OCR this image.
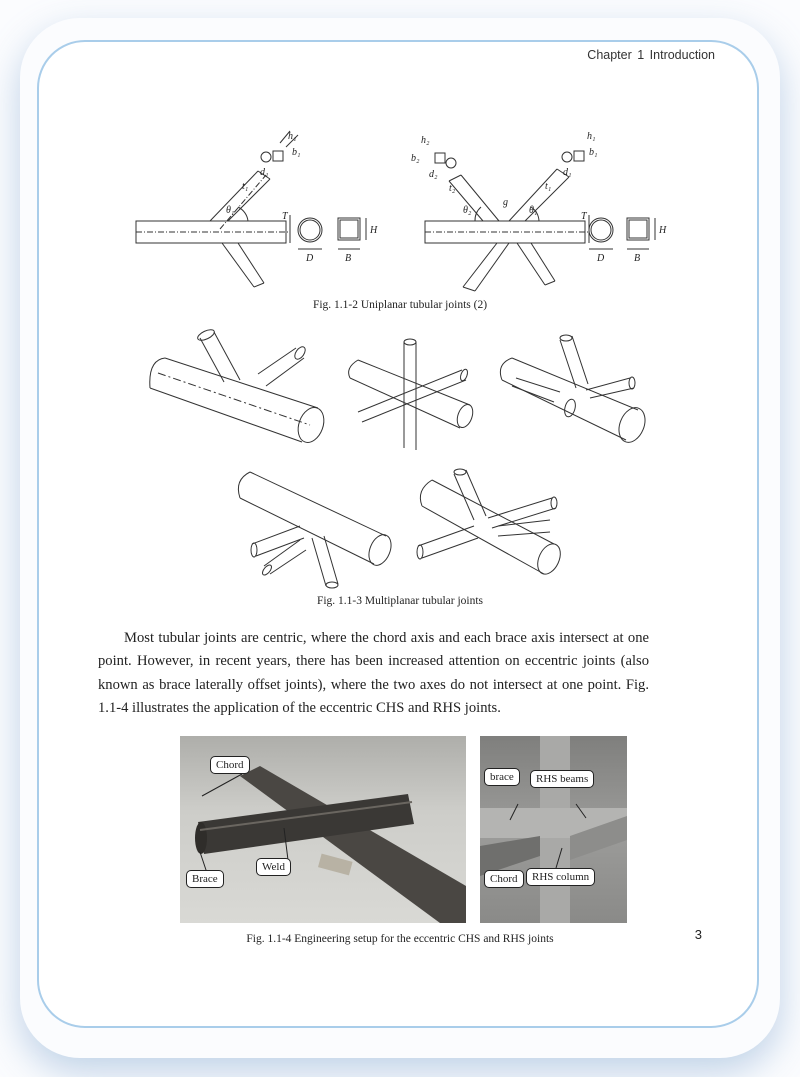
Chapter 1 Introduction
D	B
H
T
θ₁
t₁
d₁
b₁
h₁
D	B
H
T
g
θ₁
θ₂
t₁
d₁
b₁
h₁
t₂
d₂
b₂
h₂
Fig. 1.1-2 Uniplanar tubular joints (2)
Fig. 1.1-3 Multiplanar tubular joints

Most tubular joints are centric, where the chord axis and each brace axis intersect at one point. However, in recent years, there has been increased attention on eccentric joints (also known as brace laterally offset joints), where the two axes do not intersect at one point. Fig. 1.1-4 illustrates the application of the eccentric CHS and RHS joints.

Chord
Brace
Weld
brace	RHS beams
Chord	RHS column
Fig. 1.1-4 Engineering setup for the eccentric CHS and RHS joints	3
